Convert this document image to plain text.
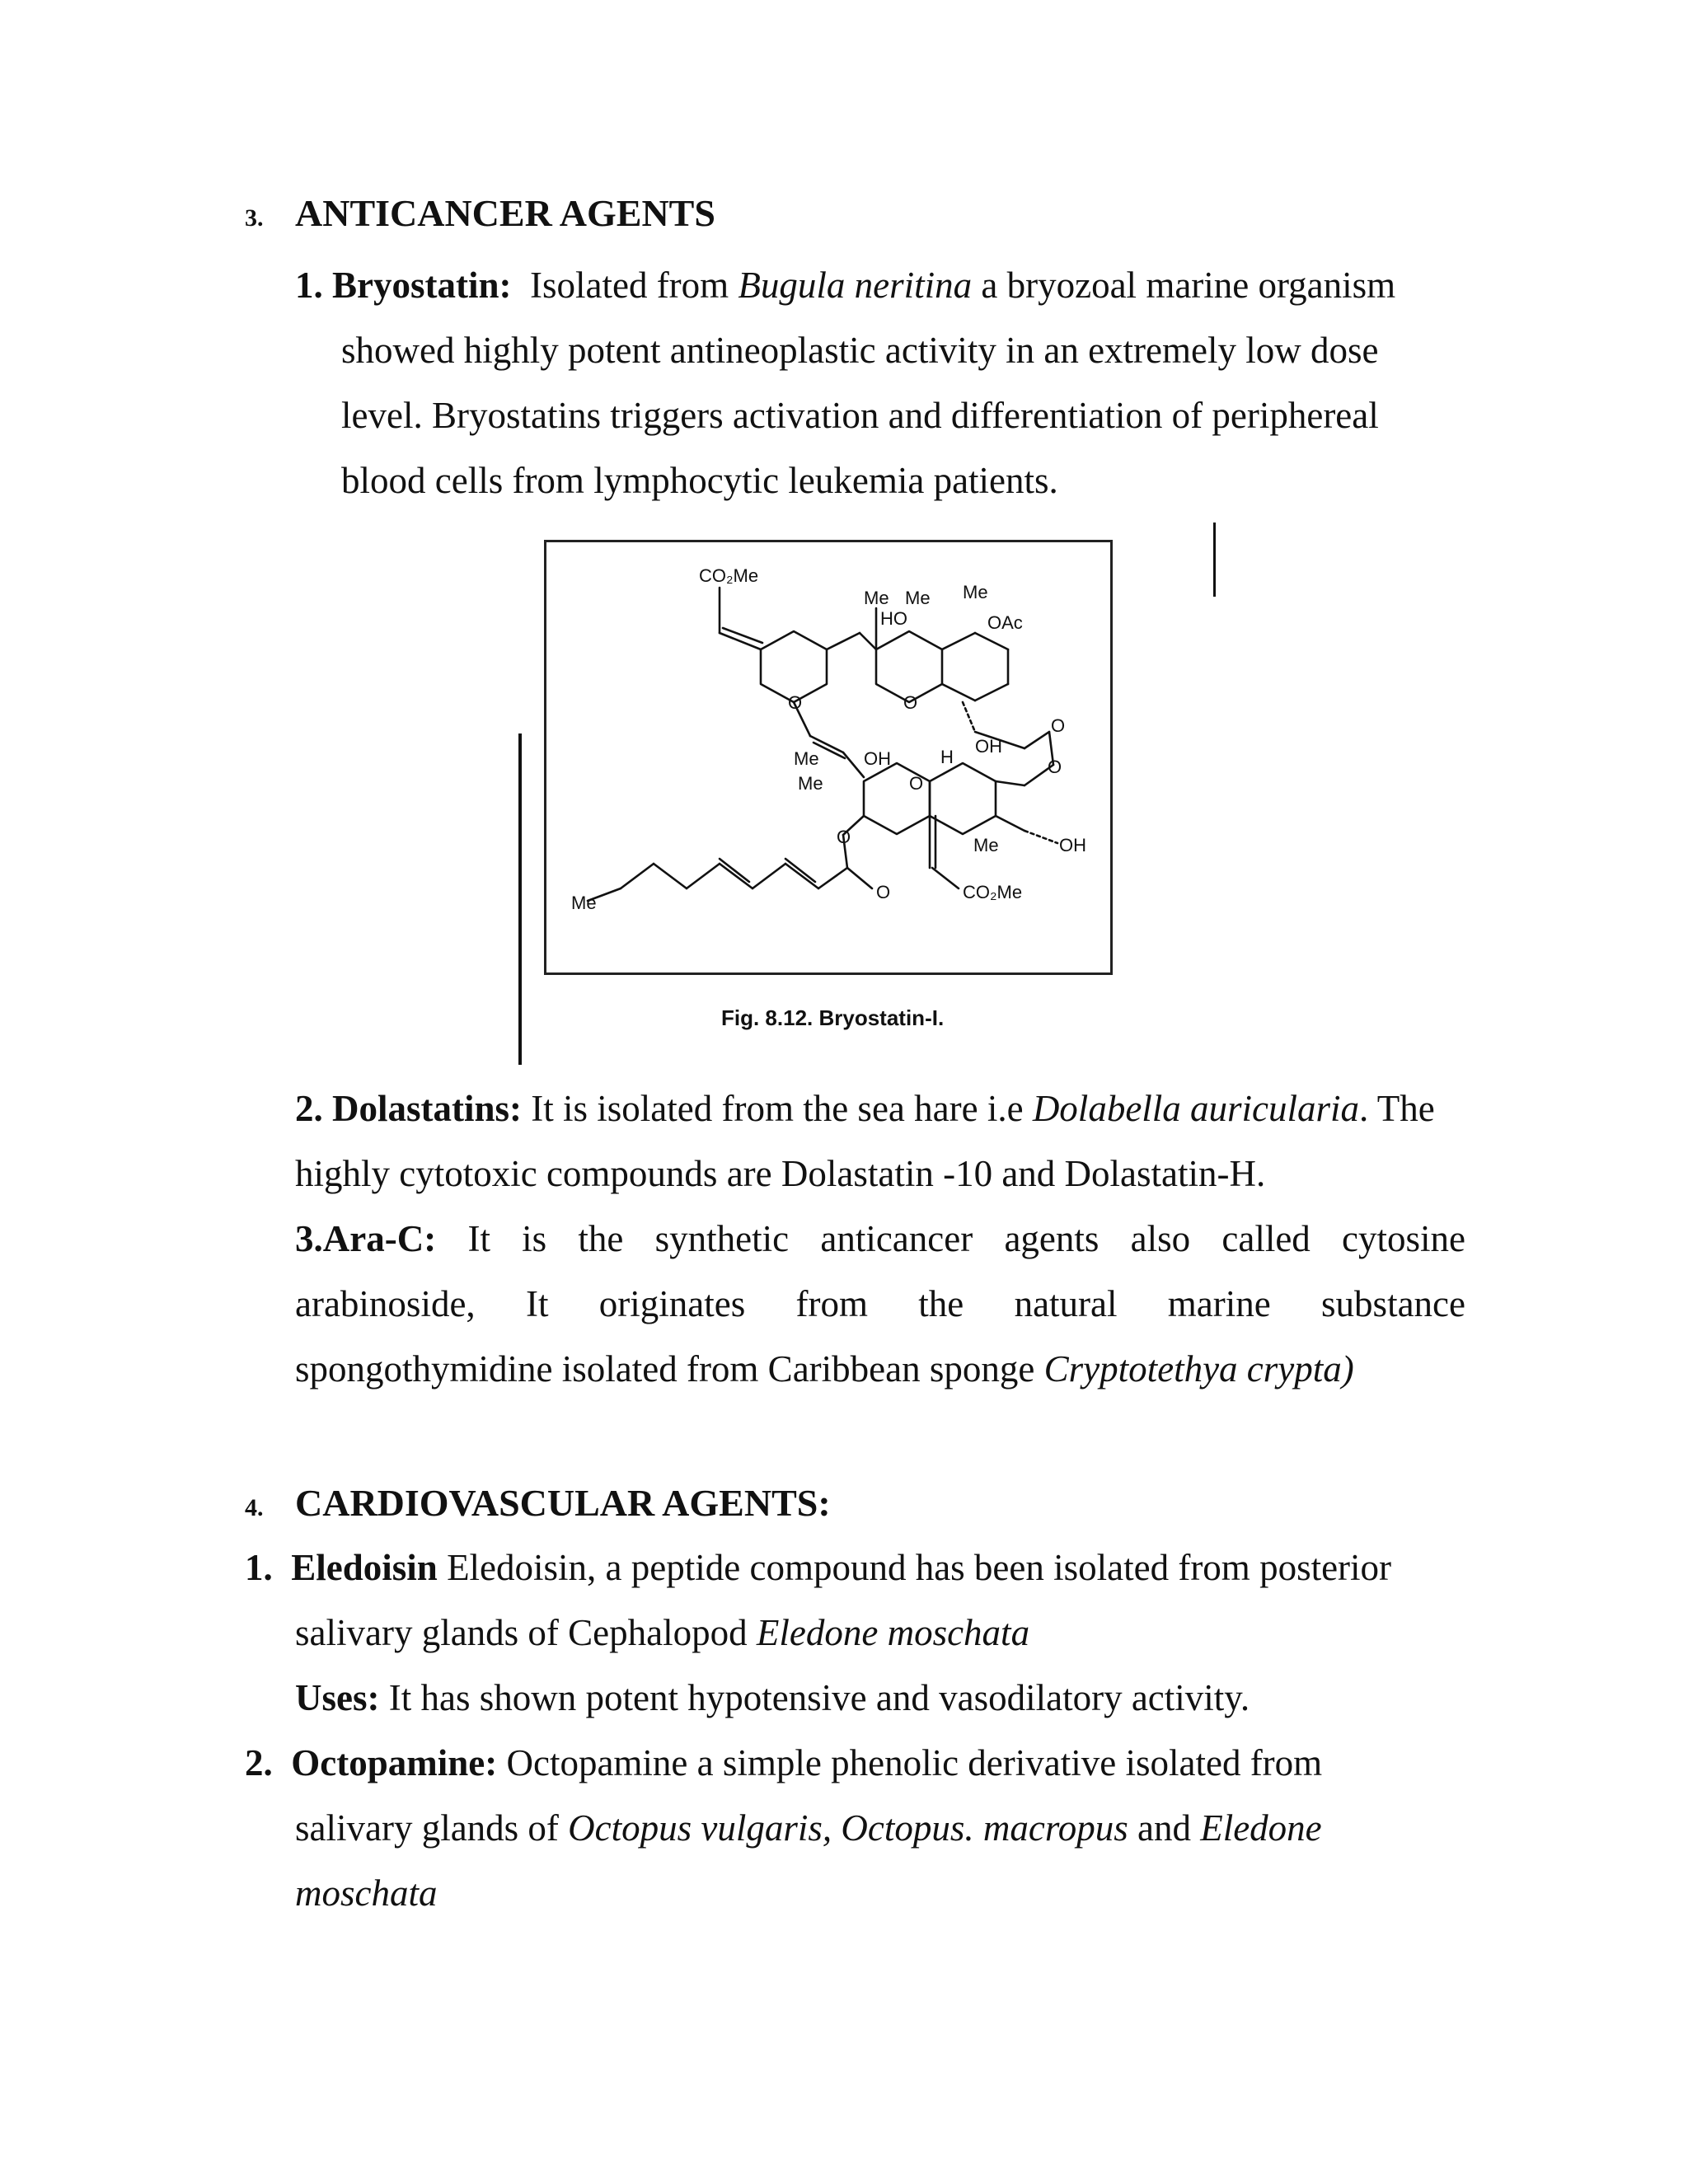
3. ANTICANCER AGENTS
1. Bryostatin: Isolated from Bugula neritina a bryozoal marine organism
showed highly potent antineoplastic activity in an extremely low dose
level. Bryostatins triggers activation and differentiation of periphereal
blood cells from lymphocytic leukemia patients.
CO₂Me
Me Me Me
HO	OAc
O	O
O
OH
O
Me
Me
OH	H
O
Me	OH
O
O	CO₂Me
Me
Fig. 8.12. Bryostatin-I.
2. Dolastatins: It is isolated from the sea hare i.e Dolabella auricularia. The
highly cytotoxic compounds are Dolastatin -10 and Dolastatin-H.
3.Ara-C: It is the synthetic anticancer agents also called cytosine
arabinoside, It originates from the natural marine substance
spongothymidine isolated from Caribbean sponge Cryptotethya crypta)
4. CARDIOVASCULAR AGENTS:
1. Eledoisin Eledoisin, a peptide compound has been isolated from posterior
salivary glands of Cephalopod Eledone moschata
Uses: It has shown potent hypotensive and vasodilatory activity.
2. Octopamine: Octopamine a simple phenolic derivative isolated from
salivary glands of Octopus vulgaris, Octopus. macropus and Eledone
moschata
